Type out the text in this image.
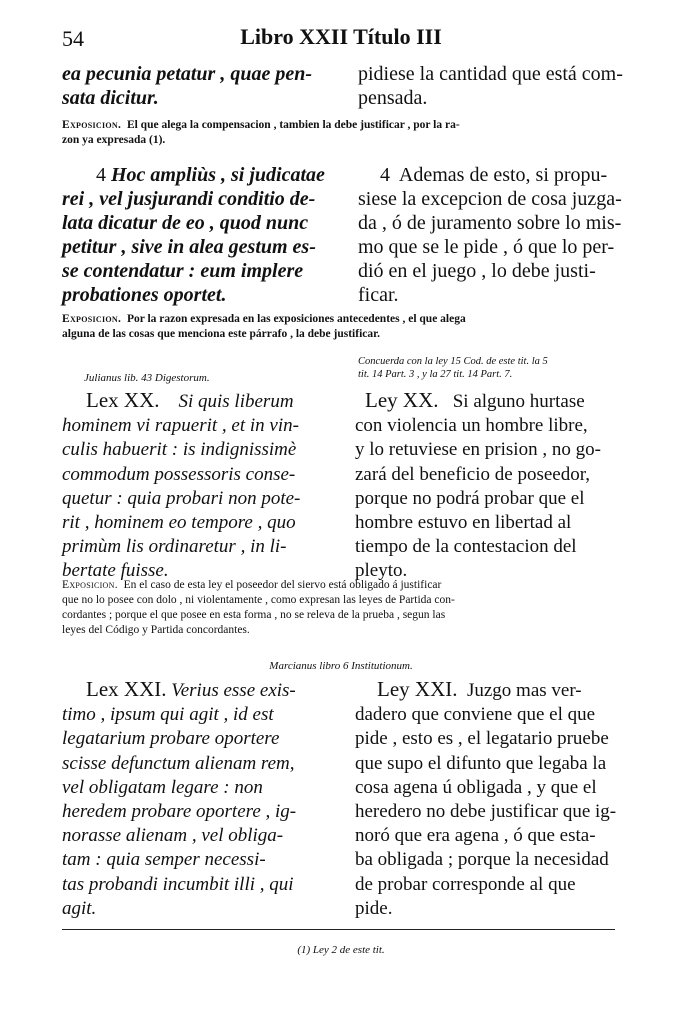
Libro XXII Título III
54
ea pecunia petatur , quae pen-
sata dicitur.
pidiese la cantidad que está com-
pensada.
Exposicion. El que alega la compensacion , tambien la debe justificar , por la ra-
zon ya expresada (1).
4 Hoc ampliùs , si judicatae
rei , vel jusjurandi conditio de-
lata dicatur de eo , quod nunc
petitur , sive in alea gestum es-
se contendatur : eum implere
probationes oportet.
4 Ademas de esto, si propu-
siese la excepcion de cosa juzga-
da , ó de juramento sobre lo mis-
mo que se le pide , ó que lo per-
dió en el juego , lo debe justi-
ficar.
Exposicion. Por la razon expresada en las exposiciones antecedentes , el que alega
alguna de las cosas que menciona este párrafo , la debe justificar.
Julianus lib. 43 Digestorum.
Concuerda con la ley 15 Cod. de este tit. la 5
tit. 14 Part. 3 , y la 27 tit. 14 Part. 7.
Lex XX. Si quis liberum
hominem vi rapuerit , et in vin-
culis habuerit : is indignissimè
commodum possessoris conse-
quetur : quia probari non pote-
rit , hominem eo tempore , quo
primùm lis ordinaretur , in li-
bertate fuisse.
Ley XX. Si alguno hurtase
con violencia un hombre libre,
y lo retuviese en prision , no go-
zará del beneficio de poseedor,
porque no podrá probar que el
hombre estuvo en libertad al
tiempo de la contestacion del
pleyto.
Exposicion. En el caso de esta ley el poseedor del siervo está obligado á justificar
que no lo posee con dolo , ni violentamente , como expresan las leyes de Partida con-
cordantes ; porque el que posee en esta forma , no se releva de la prueba , segun las
leyes del Código y Partida concordantes.
Marcianus libro 6 Institutionum.
Lex XXI. Verius esse exis-
timo , ipsum qui agit , id est
legatarium probare oportere
scisse defunctum alienam rem,
vel obligatam legare : non
heredem probare oportere , ig-
norasse alienam , vel obliga-
tam : quia semper necessi-
tas probandi incumbit illi , qui
agit.
Ley XXI. Juzgo mas ver-
dadero que conviene que el que
pide , esto es , el legatario pruebe
que supo el difunto que legaba la
cosa agena ú obligada , y que el
heredero no debe justificar que ig-
noró que era agena , ó que esta-
ba obligada ; porque la necesidad
de probar corresponde al que
pide.
(1) Ley 2 de este tit.
